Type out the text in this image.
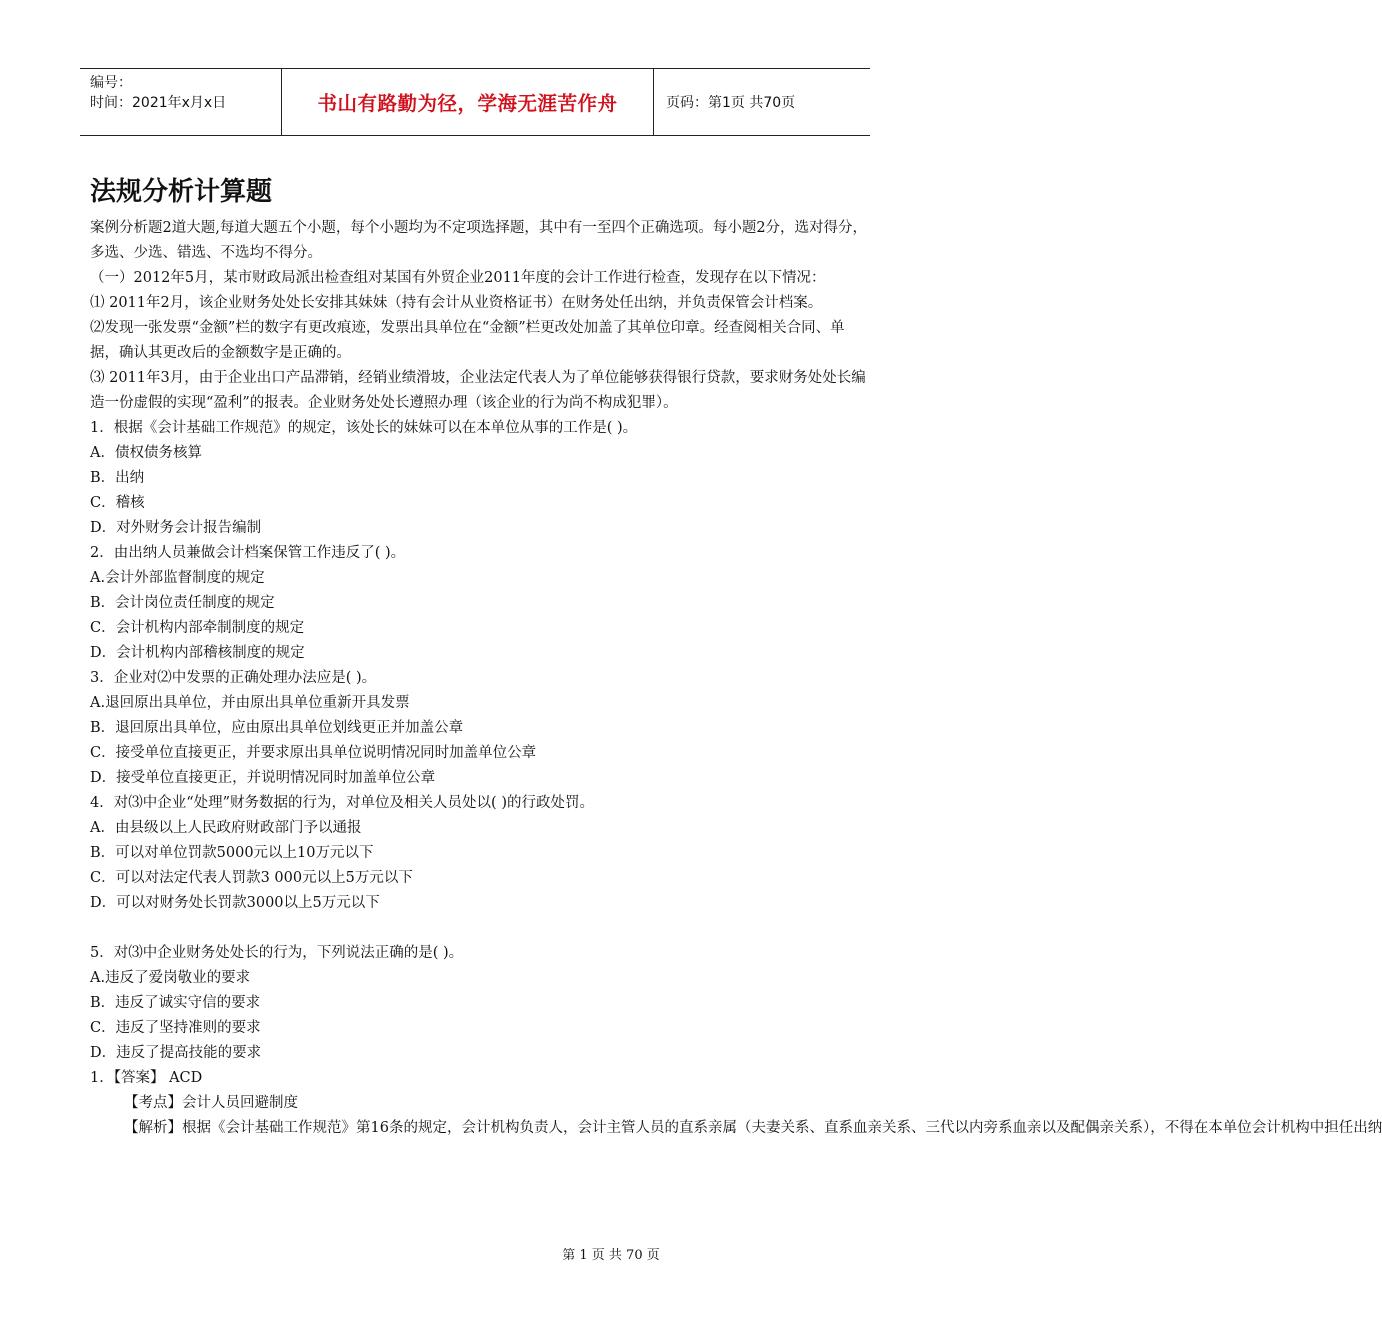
编号：
时间：2021年x月x日	书山有路勤为径，学海无涯苦作舟	页码：第1页 共70页
法规分析计算题

案例分析题2道大题,每道大题五个小题，每个小题均为不定项选择题，其中有一至四个正确选项。每小题2分，选对得分，多选、少选、错选、不选均不得分。

（一）2012年5月，某市财政局派出检查组对某国有外贸企业2011年度的会计工作进行检查，发现存在以下情况：

⑴ 2011年2月，该企业财务处处长安排其妹妹（持有会计从业资格证书）在财务处任出纳，并负责保管会计档案。

⑵发现一张发票“金额”栏的数字有更改痕迹，发票出具单位在“金额”栏更改处加盖了其单位印章。经查阅相关合同、单据，确认其更改后的金额数字是正确的。

⑶ 2011年3月，由于企业出口产品滞销，经销业绩滑坡，企业法定代表人为了单位能够获得银行贷款，要求财务处处长编造一份虚假的实现“盈利”的报表。企业财务处处长遵照办理（该企业的行为尚不构成犯罪）。

1．根据《会计基础工作规范》的规定，该处长的妹妹可以在本单位从事的工作是( )。

A．债权债务核算

B．出纳

C．稽核

D．对外财务会计报告编制

2．由出纳人员兼做会计档案保管工作违反了( )。

A.会计外部监督制度的规定

B．会计岗位责任制度的规定

C．会计机构内部牵制制度的规定

D．会计机构内部稽核制度的规定

3．企业对⑵中发票的正确处理办法应是( )。

A.退回原出具单位，并由原出具单位重新开具发票

B．退回原出具单位，应由原出具单位划线更正并加盖公章

C．接受单位直接更正，并要求原出具单位说明情况同时加盖单位公章

D．接受单位直接更正，并说明情况同时加盖单位公章

4．对⑶中企业“处理”财务数据的行为，对单位及相关人员处以( )的行政处罚。

A．由县级以上人民政府财政部门予以通报

B．可以对单位罚款5000元以上10万元以下

C．可以对法定代表人罚款3 000元以上5万元以下

D．可以对财务处长罚款3000以上5万元以下

5．对⑶中企业财务处处长的行为，下列说法正确的是( )。

A.违反了爱岗敬业的要求

B．违反了诚实守信的要求

C．违反了坚持准则的要求

D．违反了提高技能的要求

1．【答案】 ACD

【考点】会计人员回避制度

【解析】根据《会计基础工作规范》第16条的规定，会计机构负责人，会计主管人员的直系亲属（夫妻关系、直系血亲关系、三代以内旁系血亲以及配偶亲关系），不得在本单位会计机构中担任出纳

第 1 页 共 70 页
